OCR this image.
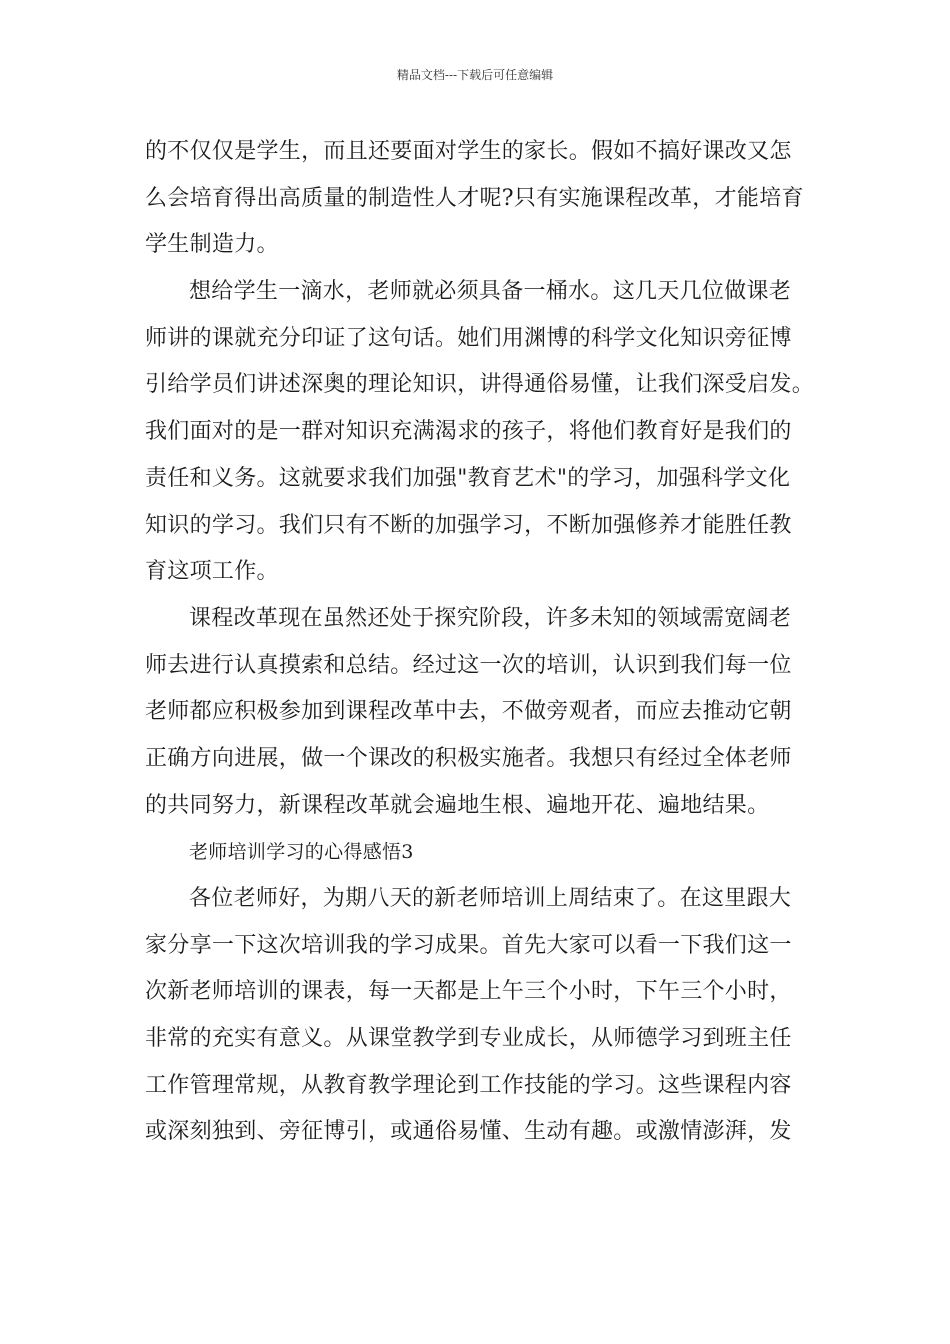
精品文档---下载后可任意编辑
的不仅仅是学生，而且还要面对学生的家长。假如不搞好课改又怎
么会培育得出高质量的制造性人才呢?只有实施课程改革，才能培育
学生制造力。
想给学生一滴水，老师就必须具备一桶水。这几天几位做课老
师讲的课就充分印证了这句话。她们用渊博的科学文化知识旁征博
引给学员们讲述深奥的理论知识，讲得通俗易懂，让我们深受启发。
我们面对的是一群对知识充满渴求的孩子，将他们教育好是我们的
责任和义务。这就要求我们加强"教育艺术"的学习，加强科学文化
知识的学习。我们只有不断的加强学习，不断加强修养才能胜任教
育这项工作。
课程改革现在虽然还处于探究阶段，许多未知的领域需宽阔老
师去进行认真摸索和总结。经过这一次的培训，认识到我们每一位
老师都应积极参加到课程改革中去，不做旁观者，而应去推动它朝
正确方向进展，做一个课改的积极实施者。我想只有经过全体老师
的共同努力，新课程改革就会遍地生根、遍地开花、遍地结果。
老师培训学习的心得感悟3
各位老师好，为期八天的新老师培训上周结束了。在这里跟大
家分享一下这次培训我的学习成果。首先大家可以看一下我们这一
次新老师培训的课表，每一天都是上午三个小时，下午三个小时，
非常的充实有意义。从课堂教学到专业成长，从师德学习到班主任
工作管理常规，从教育教学理论到工作技能的学习。这些课程内容
或深刻独到、旁征博引，或通俗易懂、生动有趣。或激情澎湃，发
